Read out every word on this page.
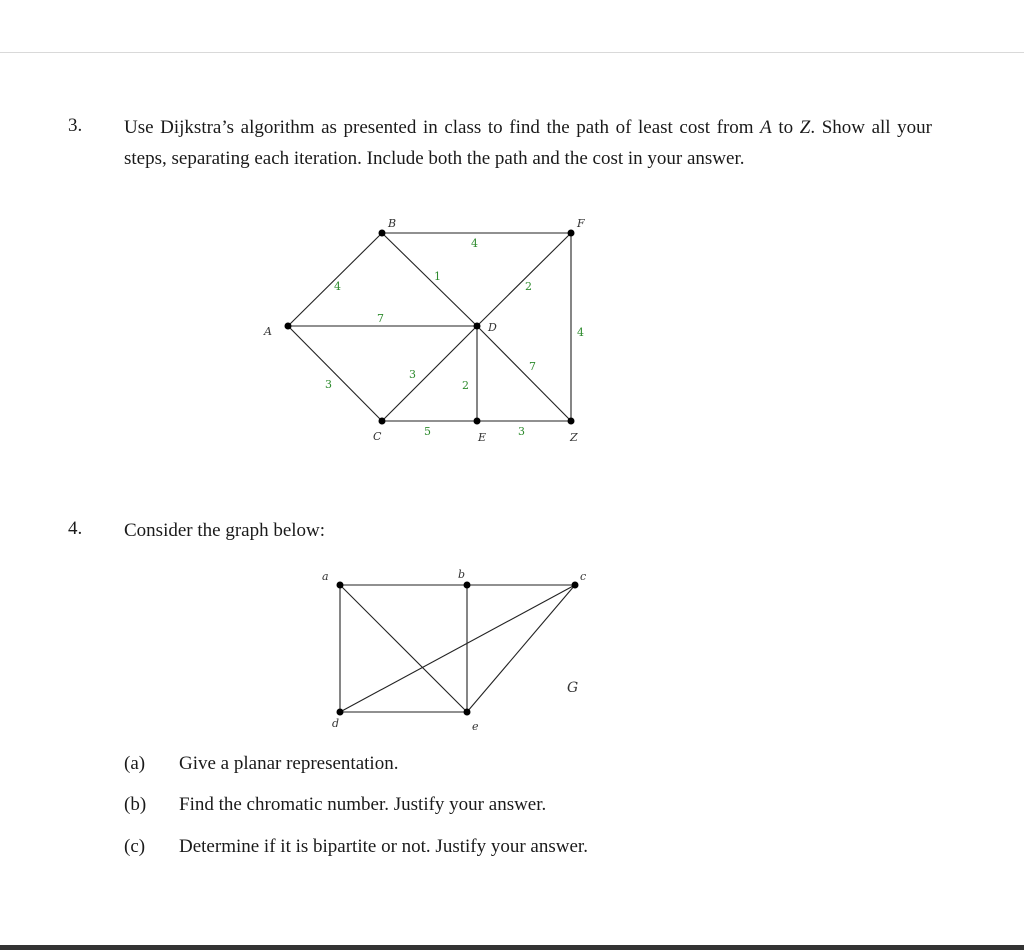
3. Use Dijkstra’s algorithm as presented in class to find the path of least cost from A to Z. Show all your steps, separating each iteration. Include both the path and the cost in your answer.
A
B
C
D
E
F
Z
4
7
3
4
1
2
4
3
2
7
5	3
a	b	c
d	e
G
4. Consider the graph below:
(a) Give a planar representation.
(b) Find the chromatic number. Justify your answer.
(c) Determine if it is bipartite or not. Justify your answer.
